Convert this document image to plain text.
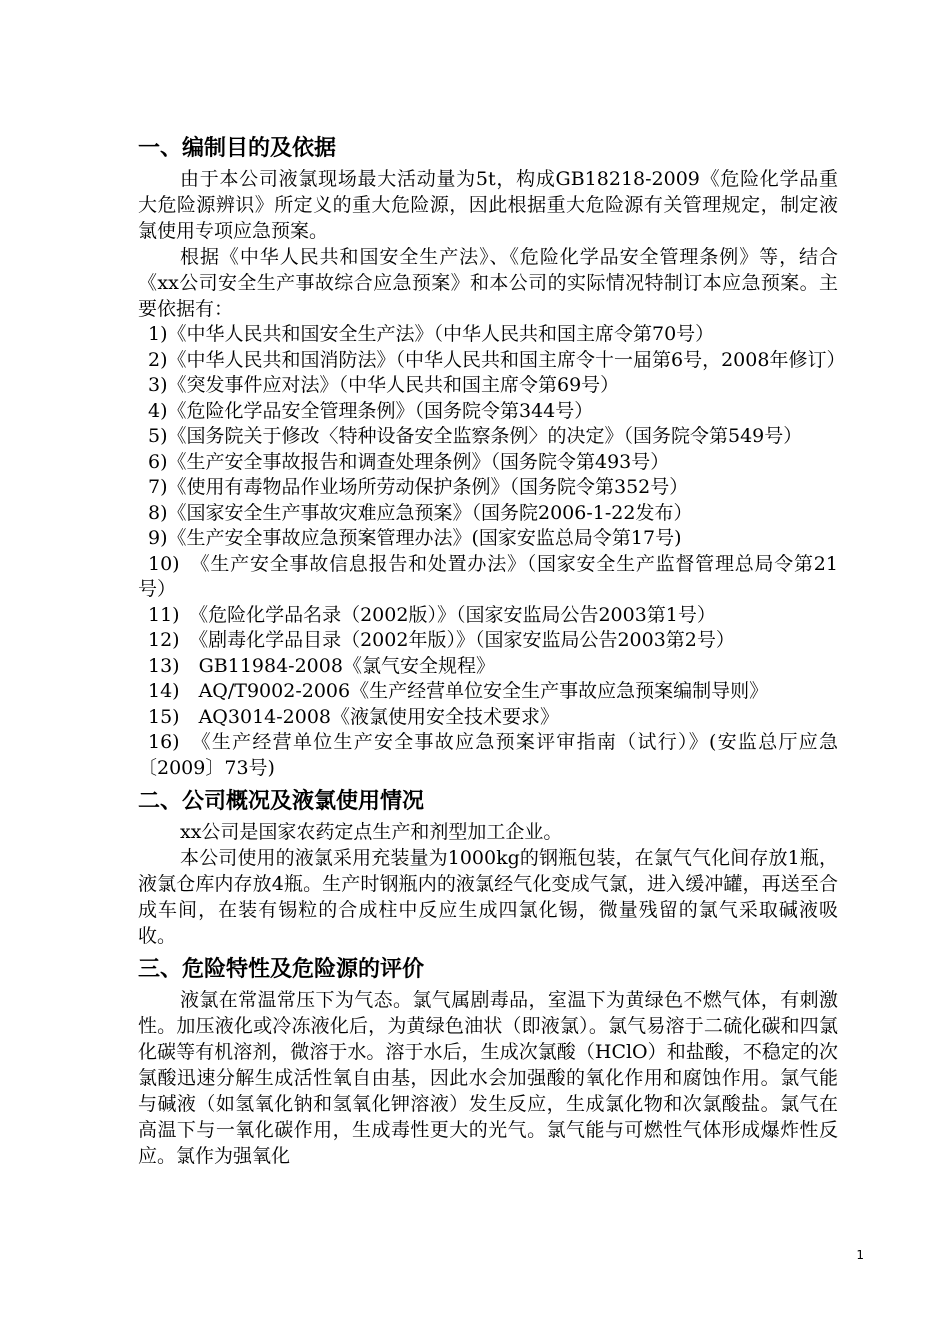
一、编制目的及依据

由于本公司液氯现场最大活动量为5t，构成GB18218-2009《危险化学品重大危险源辨识》所定义的重大危险源，因此根据重大危险源有关管理规定，制定液氯使用专项应急预案。

根据《中华人民共和国安全生产法》、《危险化学品安全管理条例》等，结合《xx公司安全生产事故综合应急预案》和本公司的实际情况特制订本应急预案。主要依据有：

1)《中华人民共和国安全生产法》（中华人民共和国主席令第70号）
2)《中华人民共和国消防法》（中华人民共和国主席令十一届第6号，2008年修订）
3)《突发事件应对法》（中华人民共和国主席令第69号）
4)《危险化学品安全管理条例》（国务院令第344号）
5)《国务院关于修改〈特种设备安全监察条例〉的决定》（国务院令第549号）
6)《生产安全事故报告和调查处理条例》（国务院令第493号）
7)《使用有毒物品作业场所劳动保护条例》（国务院令第352号）
8)《国家安全生产事故灾难应急预案》（国务院2006-1-22发布）
9)《生产安全事故应急预案管理办法》(国家安监总局令第17号)
10)　《生产安全事故信息报告和处置办法》（国家安全生产监督管理总局令第21号）
11)　《危险化学品名录（2002版）》（国家安监局公告2003第1号）
12)　《剧毒化学品目录（2002年版）》（国家安监局公告2003第2号）
13)　GB11984-2008《氯气安全规程》
14)　AQ/T9002-2006《生产经营单位安全生产事故应急预案编制导则》
15)　AQ3014-2008《液氯使用安全技术要求》
16)　《生产经营单位生产安全事故应急预案评审指南（试行）》(安监总厅应急〔2009〕73号)
二、公司概况及液氯使用情况

xx公司是国家农药定点生产和剂型加工企业。

本公司使用的液氯采用充装量为1000kg的钢瓶包装，在氯气气化间存放1瓶，液氯仓库内存放4瓶。生产时钢瓶内的液氯经气化变成气氯，进入缓冲罐，再送至合成车间，在装有锡粒的合成柱中反应生成四氯化锡，微量残留的氯气采取碱液吸收。

三、危险特性及危险源的评价

液氯在常温常压下为气态。氯气属剧毒品，室温下为黄绿色不燃气体，有刺激性。加压液化或冷冻液化后，为黄绿色油状（即液氯）。氯气易溶于二硫化碳和四氯化碳等有机溶剂，微溶于水。溶于水后，生成次氯酸（HClO）和盐酸，不稳定的次氯酸迅速分解生成活性氧自由基，因此水会加强酸的氧化作用和腐蚀作用。氯气能与碱液（如氢氧化钠和氢氧化钾溶液）发生反应，生成氯化物和次氯酸盐。氯气在高温下与一氧化碳作用，生成毒性更大的光气。氯气能与可燃性气体形成爆炸性反应。氯作为强氧化

1
